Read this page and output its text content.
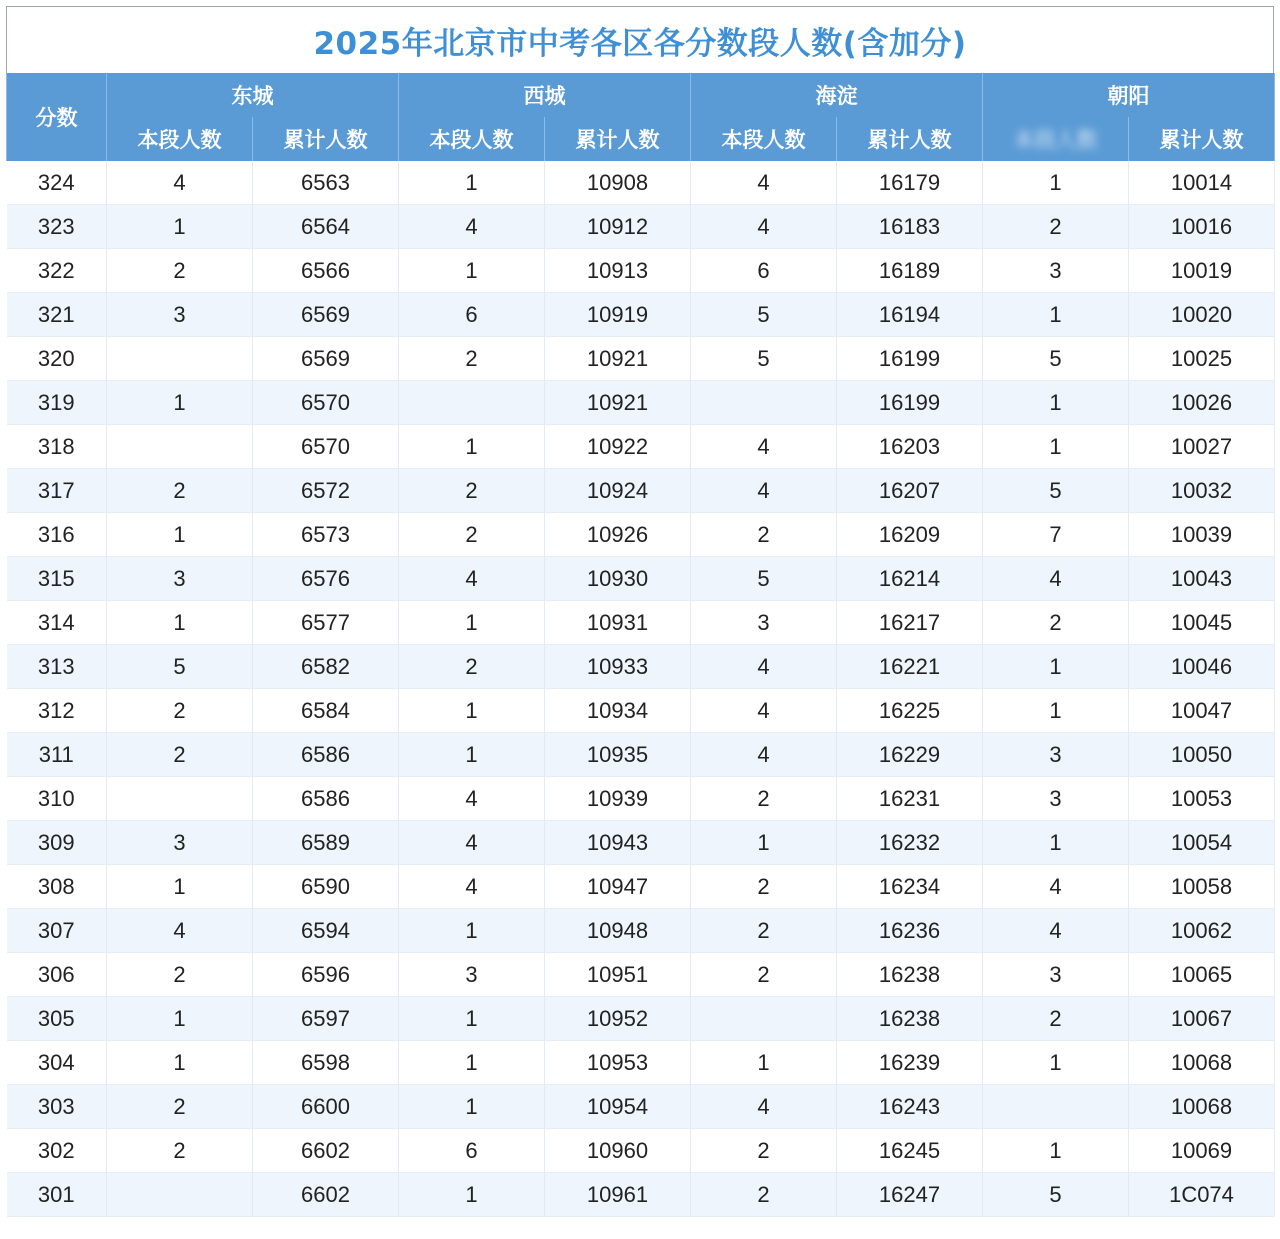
2025年北京市中考各区各分数段人数(含加分)
分数	东城		西城		海淀		朝阳	
	本段人数	累计人数	本段人数	累计人数	本段人数	累计人数	本段人数	累计人数
324	4	6563	1	10908	4	16179	1	10014
323	1	6564	4	10912	4	16183	2	10016
322	2	6566	1	10913	6	16189	3	10019
321	3	6569	6	10919	5	16194	1	10020
320		6569	2	10921	5	16199	5	10025
319	1	6570		10921		16199	1	10026
318		6570	1	10922	4	16203	1	10027
317	2	6572	2	10924	4	16207	5	10032
316	1	6573	2	10926	2	16209	7	10039
315	3	6576	4	10930	5	16214	4	10043
314	1	6577	1	10931	3	16217	2	10045
313	5	6582	2	10933	4	16221	1	10046
312	2	6584	1	10934	4	16225	1	10047
311	2	6586	1	10935	4	16229	3	10050
310		6586	4	10939	2	16231	3	10053
309	3	6589	4	10943	1	16232	1	10054
308	1	6590	4	10947	2	16234	4	10058
307	4	6594	1	10948	2	16236	4	10062
306	2	6596	3	10951	2	16238	3	10065
305	1	6597	1	10952		16238	2	10067
304	1	6598	1	10953	1	16239	1	10068
303	2	6600	1	10954	4	16243		10068
302	2	6602	6	10960	2	16245	1	10069
301		6602	1	10961	2	16247	5	1C074
